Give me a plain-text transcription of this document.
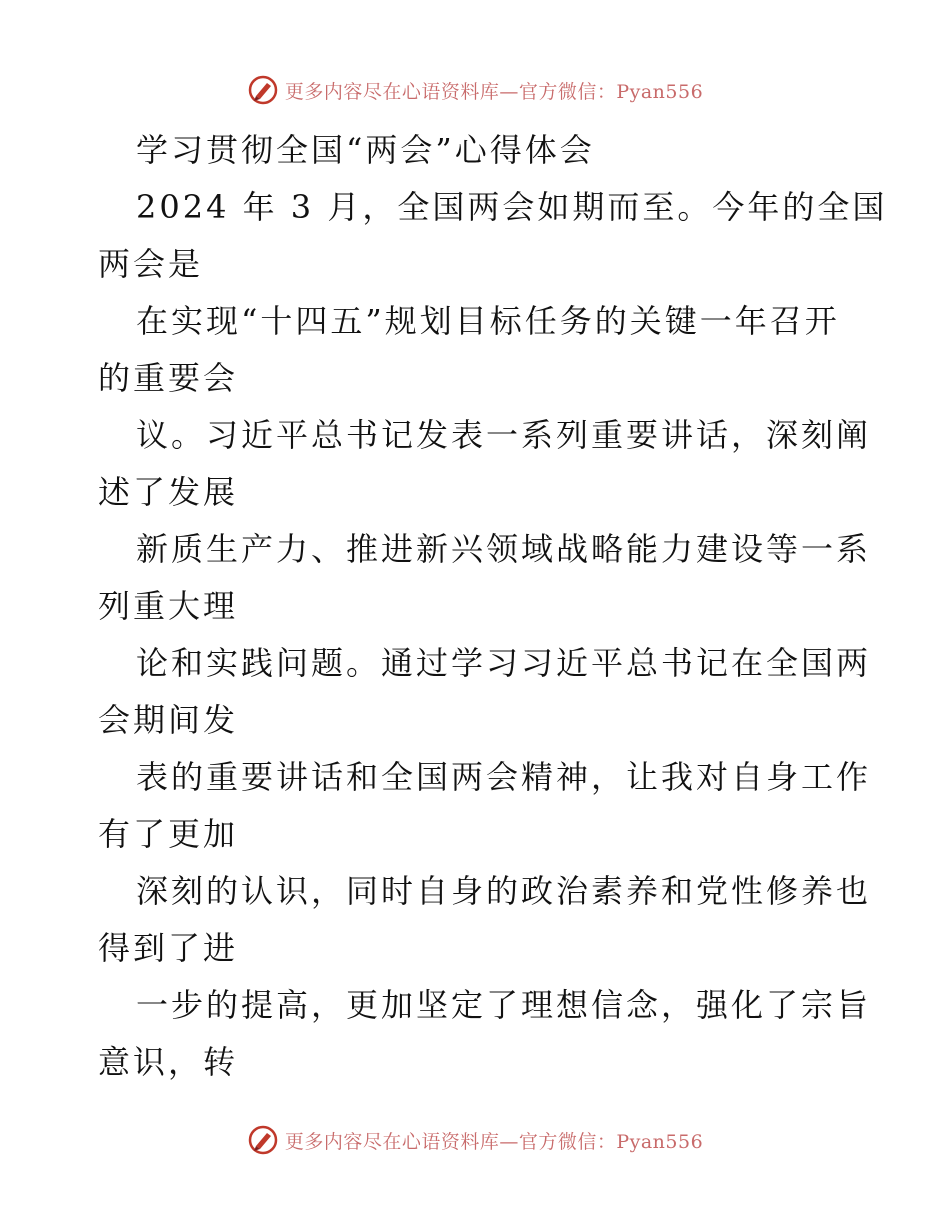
更多内容尽在心语资料库—官方微信：Pyan556
学习贯彻全国“两会”心得体会
2024 年 3 月，全国两会如期而至。今年的全国
两会是
在实现“十四五”规划目标任务的关键一年召开
的重要会
议。习近平总书记发表一系列重要讲话，深刻阐
述了发展
新质生产力、推进新兴领域战略能力建设等一系
列重大理
论和实践问题。通过学习习近平总书记在全国两
会期间发
表的重要讲话和全国两会精神，让我对自身工作
有了更加
深刻的认识，同时自身的政治素养和党性修养也
得到了进
一步的提高，更加坚定了理想信念，强化了宗旨
意识，转
更多内容尽在心语资料库—官方微信：Pyan556
